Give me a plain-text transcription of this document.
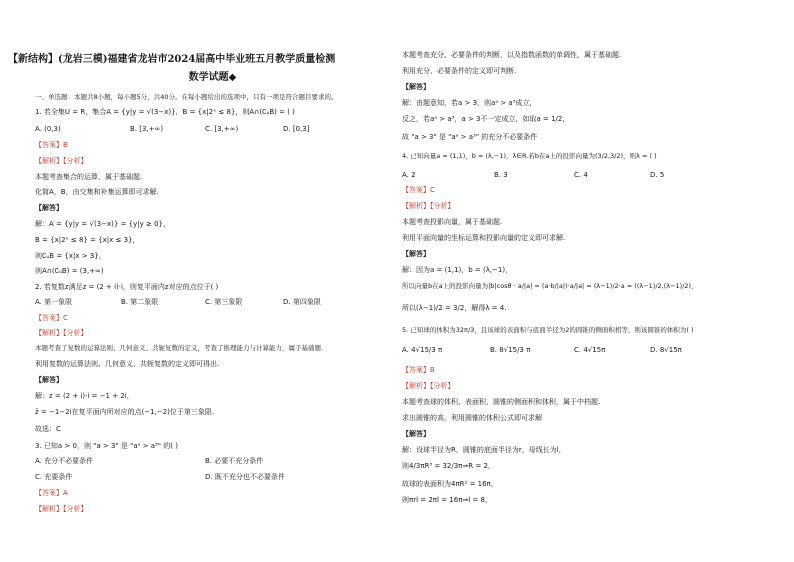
【新结构】(龙岩三模)福建省龙岩市2024届高中毕业班五月教学质量检测
数学试题◆
一、单选题：本题共8小题，每小题5分，共40分。在每小题给出的选项中，只有一项是符合题目要求的。
1. 若全集U = R，集合A = {y|y = √(3−x)}，B = {x|2ˣ ≤ 8}，则A∩(∁ᵤB) = ( )
A. (0,3)	B. [3,+∞)	C. [3,+∞)	D. [0,3]
【答案】B
【解析】【分析】
本题考查集合的运算，属于基础题.
化简A，B，由交集和补集运算即可求解.
【解答】
解：A = {y|y = √(3−x)} = {y|y ≥ 0}，
B = {x|2ˣ ≤ 8} = {x|x ≤ 3}，
则∁ᵤB = {x|x > 3}，
则A∩(∁ᵤB) = (3,+∞)
2. 若复数z满足z = (2 + i)·i，则复平面内z对应的点位于( )
A. 第一象限	B. 第二象限	C. 第三象限	D. 第四象限
【答案】C
【解析】【分析】
本题考查了复数的运算法则、几何意义、共轭复数的定义，考查了推理能力与计算能力，属于基础题.
利用复数的运算法则、几何意义、共轭复数的定义即可得出.
【解答】
解：z = (2 + i)·i = −1 + 2i，
z̄ = −1−2i在复平面内所对应的点(−1,−2)位于第三象限.
故选：C
3. 已知a > 0，则 "a > 3" 是 "aᵃ > a³" 的( )
A. 充分不必要条件	B. 必要不充分条件
C. 充要条件	D. 既不充分也不必要条件
【答案】A
【解析】【分析】
本题考查充分、必要条件的判断，以及指数函数的单调性，属于基础题.
利用充分、必要条件的定义即可判断.
【解答】
解：由题意知，若a > 3，则aᵃ > a³成立，
反之，若aᵃ > a³，a > 3不一定成立，如取a = 1/2，
故 "a > 3" 是 "aᵃ > a³" 的充分不必要条件
4. 已知向量a = (1,1)，b = (λ,−1)，λ∈R.若b在a上的投影向量为(3/2,3/2)，则λ = ( )
A. 2	B. 3	C. 4	D. 5
【答案】C
【解析】【分析】
本题考查投影向量，属于基础题.
利用平面向量的坐标运算和投影向量的定义即可求解.
【解答】
解：因为a = (1,1)，b = (λ,−1)，
所以向量b在a上的投影向量为|b|cosθ · a/|a| = (a·b/|a|)·a/|a| = (λ−1)/2·a = ((λ−1)/2,(λ−1)/2)，
所以(λ−1)/2 = 3/2，解得λ = 4.
5. 已知球的体积为32π/3，且该球的表面积与底面半径为2的圆锥的侧面积相等，则该圆锥的体积为( )
A. 4√15/3 π	B. 8√15/3 π	C. 4√15π	D. 8√15π
【答案】B
【解析】【分析】
本题考查球的体积、表面积，圆锥的侧面积和体积，属于中档题.
求出圆锥的高，利用圆锥的体积公式即可求解
【解答】
解：设球半径为R，圆锥的底面半径为r，母线长为l，
则4/3πR³ = 32/3π⇒R = 2，
故球的表面积为4πR² = 16π，
则πrl = 2πl = 16π⇒l = 8，
